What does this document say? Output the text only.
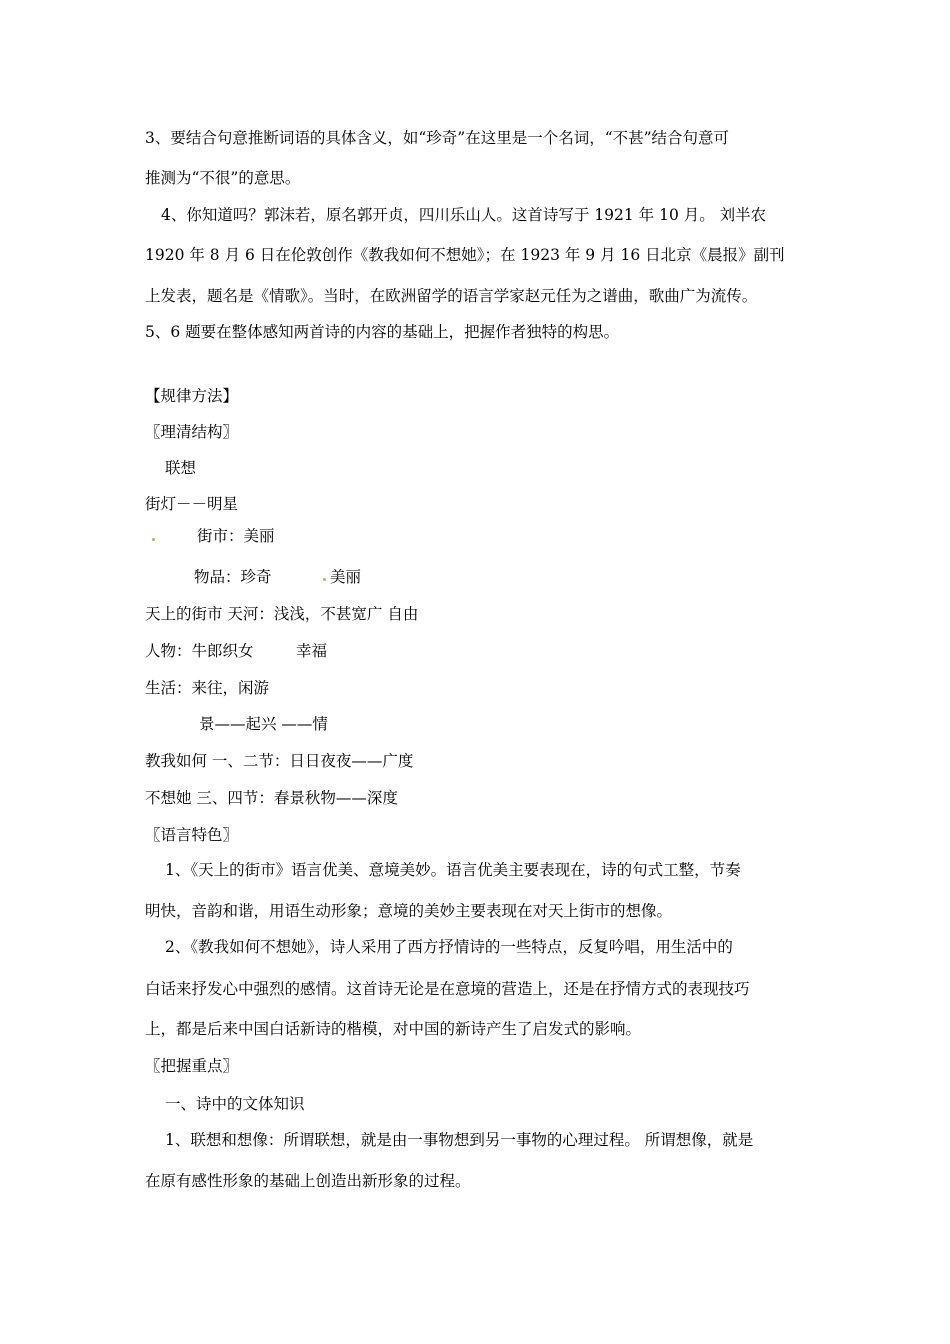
3、要结合句意推断词语的具体含义，如“珍奇”在这里是一个名词，“不甚”结合句意可
推测为“不很”的意思。
4、你知道吗？郭沫若，原名郭开贞，四川乐山人。这首诗写于 1921 年 10 月。 刘半农
1920 年 8 月 6 日在伦敦创作《教我如何不想她》；在 1923 年 9 月 16 日北京《晨报》副刊
上发表，题名是《情歌》。当时，在欧洲留学的语言学家赵元任为之谱曲，歌曲广为流传。
5、6 题要在整体感知两首诗的内容的基础上，把握作者独特的构思。
【规律方法】
〖理清结构〗
联想
街灯－－明星
街市：美丽
物品：珍奇	美丽
天上的街市 天河：浅浅，不甚宽广 自由
人物：牛郎织女	幸福
生活：来往，闲游
景——起兴 ——情
教我如何 一、二节：日日夜夜——广度
不想她 三、四节：春景秋物——深度
〖语言特色〗
1、《天上的街市》语言优美、意境美妙。语言优美主要表现在，诗的句式工整，节奏
明快，音韵和谐，用语生动形象；意境的美妙主要表现在对天上街市的想像。
2、《教我如何不想她》，诗人采用了西方抒情诗的一些特点，反复吟唱，用生活中的
白话来抒发心中强烈的感情。这首诗无论是在意境的营造上，还是在抒情方式的表现技巧
上，都是后来中国白话新诗的楷模，对中国的新诗产生了启发式的影响。
〖把握重点〗
一、诗中的文体知识
1、联想和想像：所谓联想，就是由一事物想到另一事物的心理过程。 所谓想像，就是
在原有感性形象的基础上创造出新形象的过程。
